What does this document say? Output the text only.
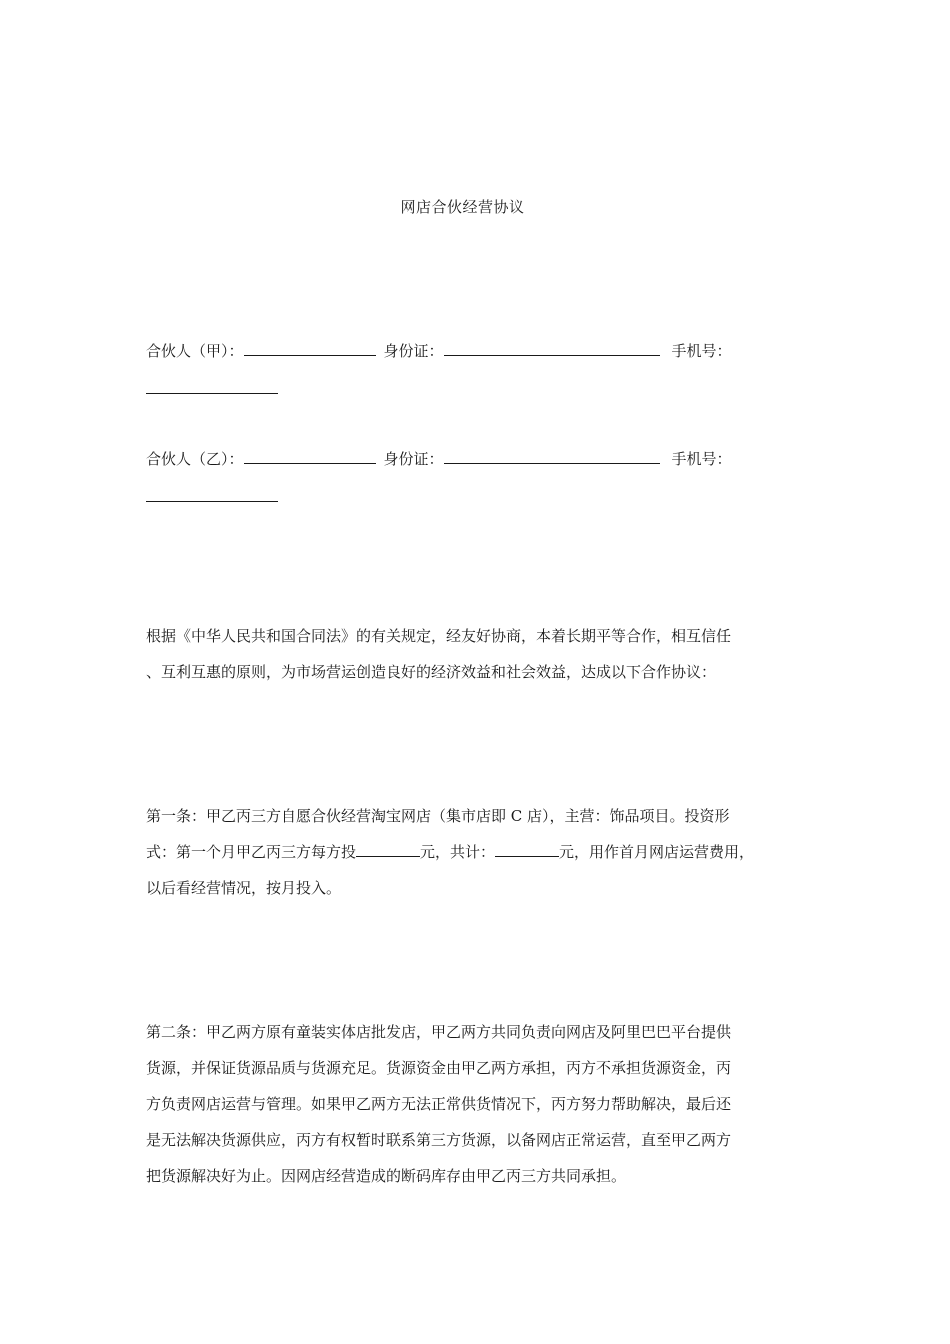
网店合伙经营协议
合伙人（甲）：	身份证：	手机号：
合伙人（乙）：	身份证：	手机号：
根据《中华人民共和国合同法》的有关规定，经友好协商，本着长期平等合作，相互信任
、互利互惠的原则，为市场营运创造良好的经济效益和社会效益，达成以下合作协议：
第一条：甲乙丙三方自愿合伙经营淘宝网店（集市店即 C 店），主营：饰品项目。投资形
式：第一个月甲乙丙三方每方投	元，共计：	元，用作首月网店运营费用，
以后看经营情况，按月投入。
第二条：甲乙两方原有童装实体店批发店，甲乙两方共同负责向网店及阿里巴巴平台提供
货源，并保证货源品质与货源充足。货源资金由甲乙两方承担，丙方不承担货源资金，丙
方负责网店运营与管理。如果甲乙两方无法正常供货情况下，丙方努力帮助解决，最后还
是无法解决货源供应，丙方有权暂时联系第三方货源，以备网店正常运营，直至甲乙两方
把货源解决好为止。因网店经营造成的断码库存由甲乙丙三方共同承担。
